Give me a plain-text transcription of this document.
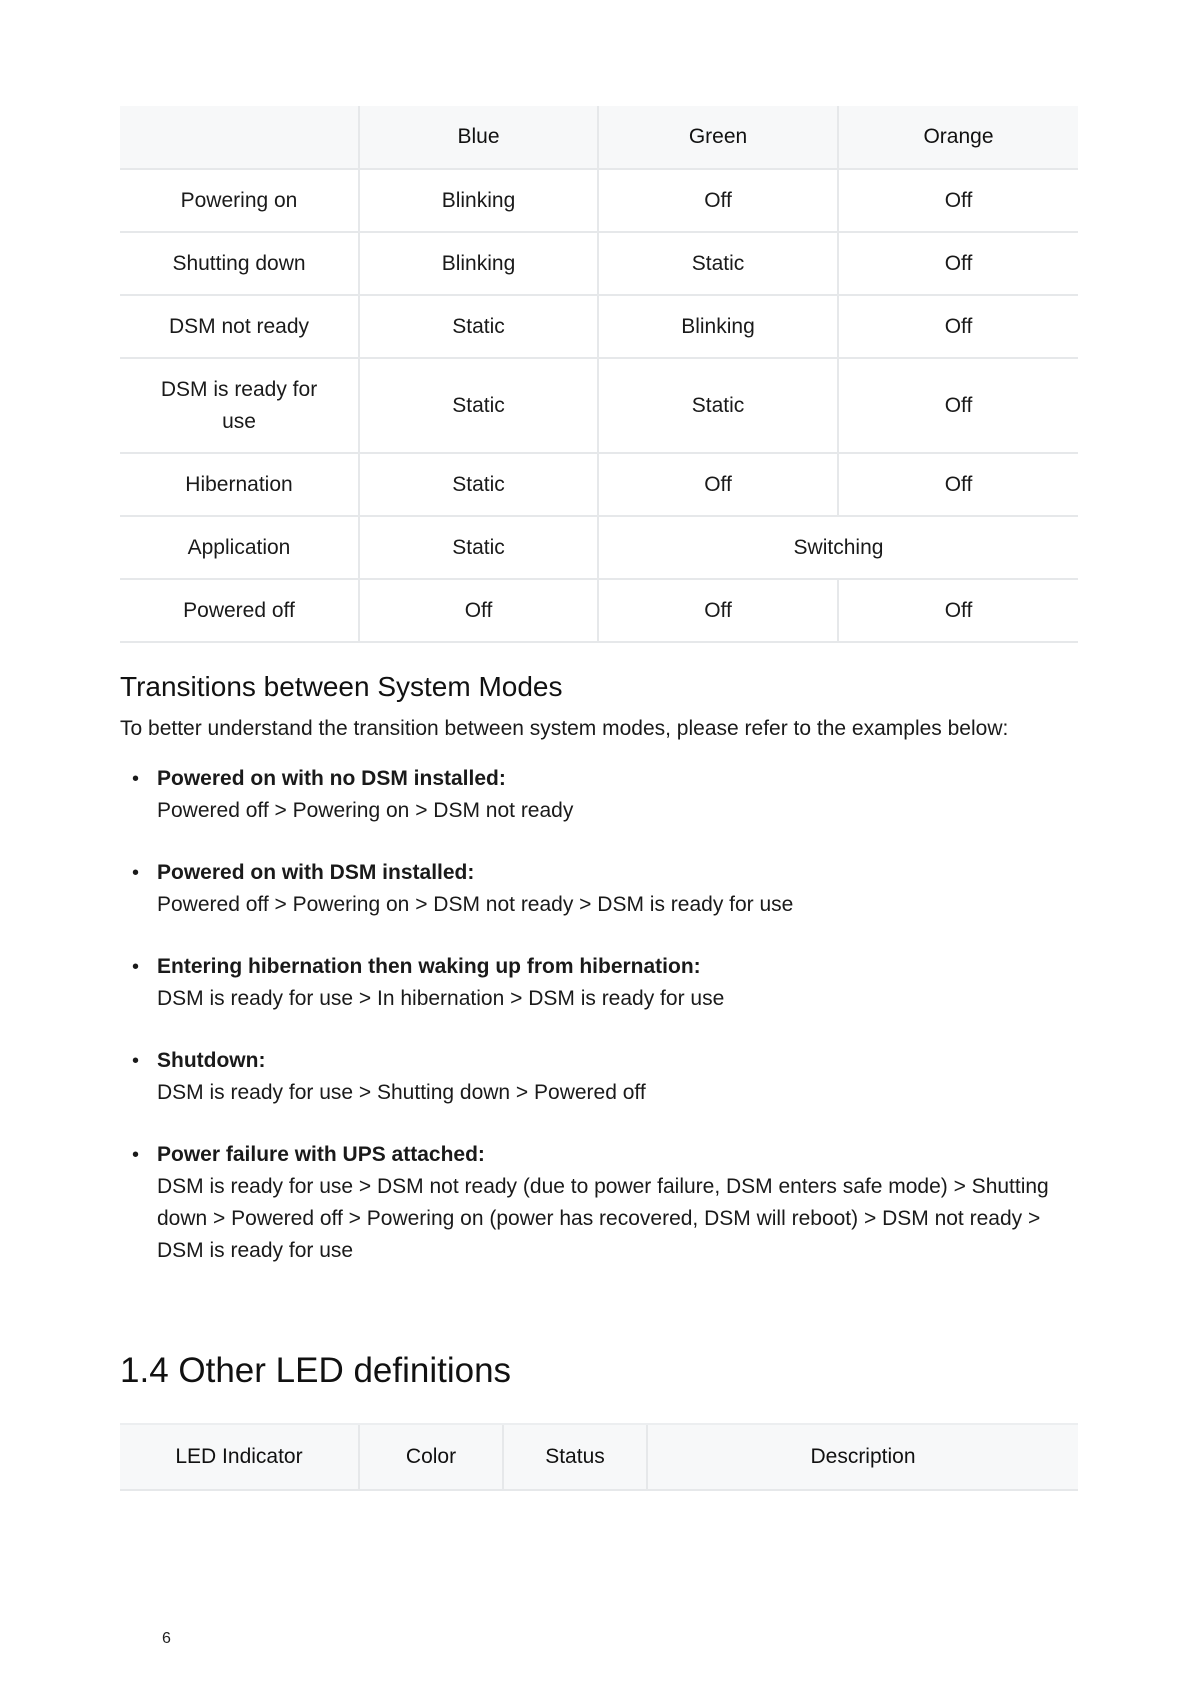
	Blue	Green	Orange
Powering on	Blinking	Off	Off
Shutting down	Blinking	Static	Off
DSM not ready	Static	Blinking	Off
DSM is ready for use	Static	Static	Off
Hibernation	Static	Off	Off
Application	Static	Switching	
Powered off	Off	Off	Off
Transitions between System Modes

To better understand the transition between system modes, please refer to the examples below:

• Powered on with no DSM installed:
Powered off > Powering on > DSM not ready
• Powered on with DSM installed:
Powered off > Powering on > DSM not ready > DSM is ready for use
• Entering hibernation then waking up from hibernation:
DSM is ready for use > In hibernation > DSM is ready for use
• Shutdown:
DSM is ready for use > Shutting down > Powered off
• Power failure with UPS attached:
DSM is ready for use > DSM not ready (due to power failure, DSM enters safe mode) > Shutting down > Powered off > Powering on (power has recovered, DSM will reboot) > DSM not ready > DSM is ready for use
1.4 Other LED definitions
LED Indicator	Color	Status	Description
6
